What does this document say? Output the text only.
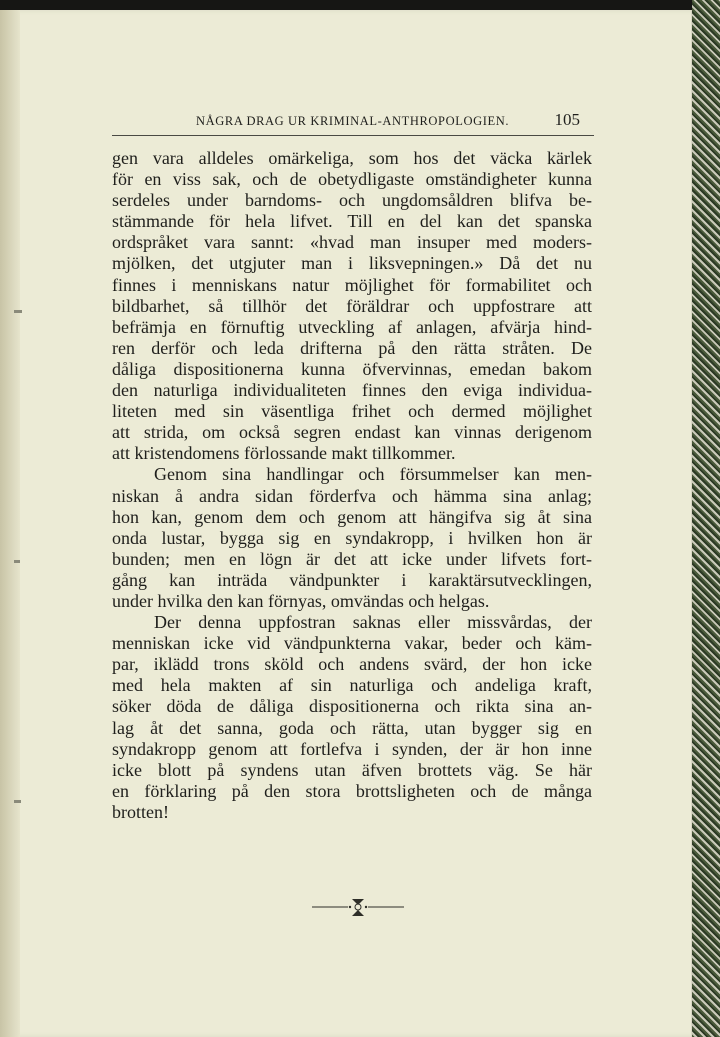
NÅGRA DRAG UR KRIMINAL-ANTHROPOLOGIEN.	105
gen vara alldeles omärkeliga, som hos det väcka kärlek
för en viss sak, och de obetydligaste omständigheter kunna
serdeles under barndoms- och ungdomsåldren blifva be-
stämmande för hela lifvet. Till en del kan det spanska
ordspråket vara sannt: «hvad man insuper med moders-
mjölken, det utgjuter man i liksvepningen.» Då det nu
finnes i menniskans natur möjlighet för formabilitet och
bildbarhet, så tillhör det föräldrar och uppfostrare att
befrämja en förnuftig utveckling af anlagen, afvärja hind-
ren derför och leda drifterna på den rätta stråten. De
dåliga dispositionerna kunna öfvervinnas, emedan bakom
den naturliga individualiteten finnes den eviga individua-
liteten med sin väsentliga frihet och dermed möjlighet
att strida, om också segren endast kan vinnas derigenom
att kristendomens förlossande makt tillkommer.
Genom sina handlingar och försummelser kan men-
niskan å andra sidan förderfva och hämma sina anlag;
hon kan, genom dem och genom att hängifva sig åt sina
onda lustar, bygga sig en syndakropp, i hvilken hon är
bunden; men en lögn är det att icke under lifvets fort-
gång kan inträda vändpunkter i karaktärsutvecklingen,
under hvilka den kan förnyas, omvändas och helgas.
Der denna uppfostran saknas eller missvårdas, der
menniskan icke vid vändpunkterna vakar, beder och käm-
par, iklädd trons sköld och andens svärd, der hon icke
med hela makten af sin naturliga och andeliga kraft,
söker döda de dåliga dispositionerna och rikta sina an-
lag åt det sanna, goda och rätta, utan bygger sig en
syndakropp genom att fortlefva i synden, der är hon inne
icke blott på syndens utan äfven brottets väg. Se här
en förklaring på den stora brottsligheten och de många
brotten!
